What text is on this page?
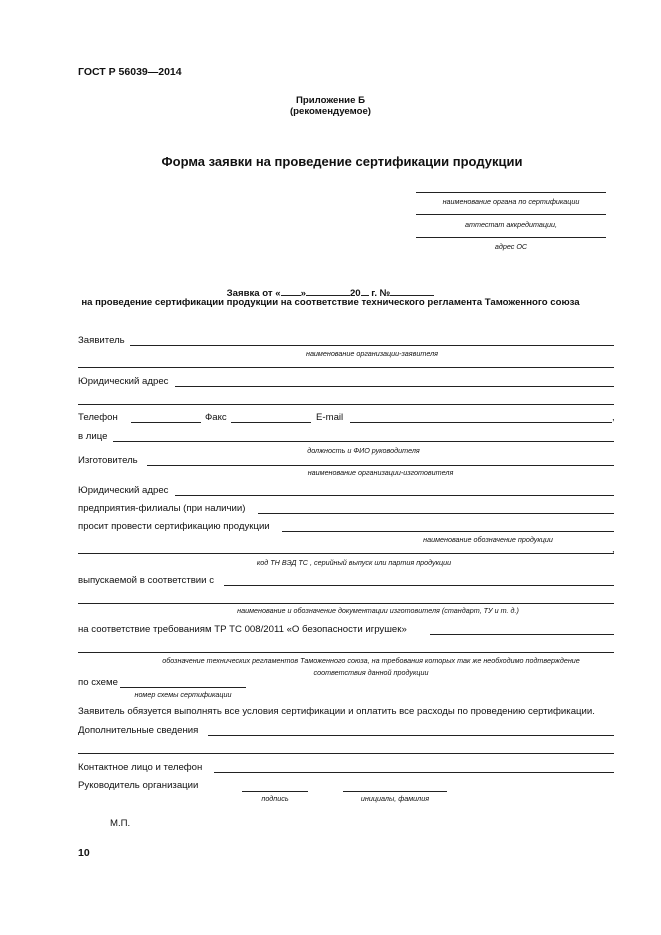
ГОСТ Р 56039—2014
Приложение Б
(рекомендуемое)
Форма заявки на проведение сертификации продукции
наименование органа по сертификации
аттестат аккредитации,
адрес ОС
Заявка от « »	20 г. №
на проведение сертификации продукции на соответствие технического регламента Таможенного союза
Заявитель
наименование организации-заявителя
Юридический адрес
Телефон	Факс	E-mail	,
в лице
должность и ФИО руководителя
Изготовитель
наименование организации-изготовителя
Юридический адрес
предприятия-филиалы (при наличии)
просит провести сертификацию продукции
наименование обозначение продукции
,
код ТН ВЭД ТС , серийный выпуск или партия продукции
выпускаемой в соответствии с
наименование и обозначение документации изготовителя (стандарт, ТУ и т. д.)
на соответствие требованиям ТР ТС 008/2011 «О безопасности игрушек»
обозначение технических регламентов Таможенного союза, на требования которых так же необходимо подтверждение
соответствия данной продукции
по схеме
номер схемы сертификации
Заявитель обязуется выполнять все условия сертификации и оплатить все расходы по проведению сертификации.
Дополнительные сведения
Контактное лицо и телефон
Руководитель организации
подпись	инициалы, фамилия
М.П.
10
